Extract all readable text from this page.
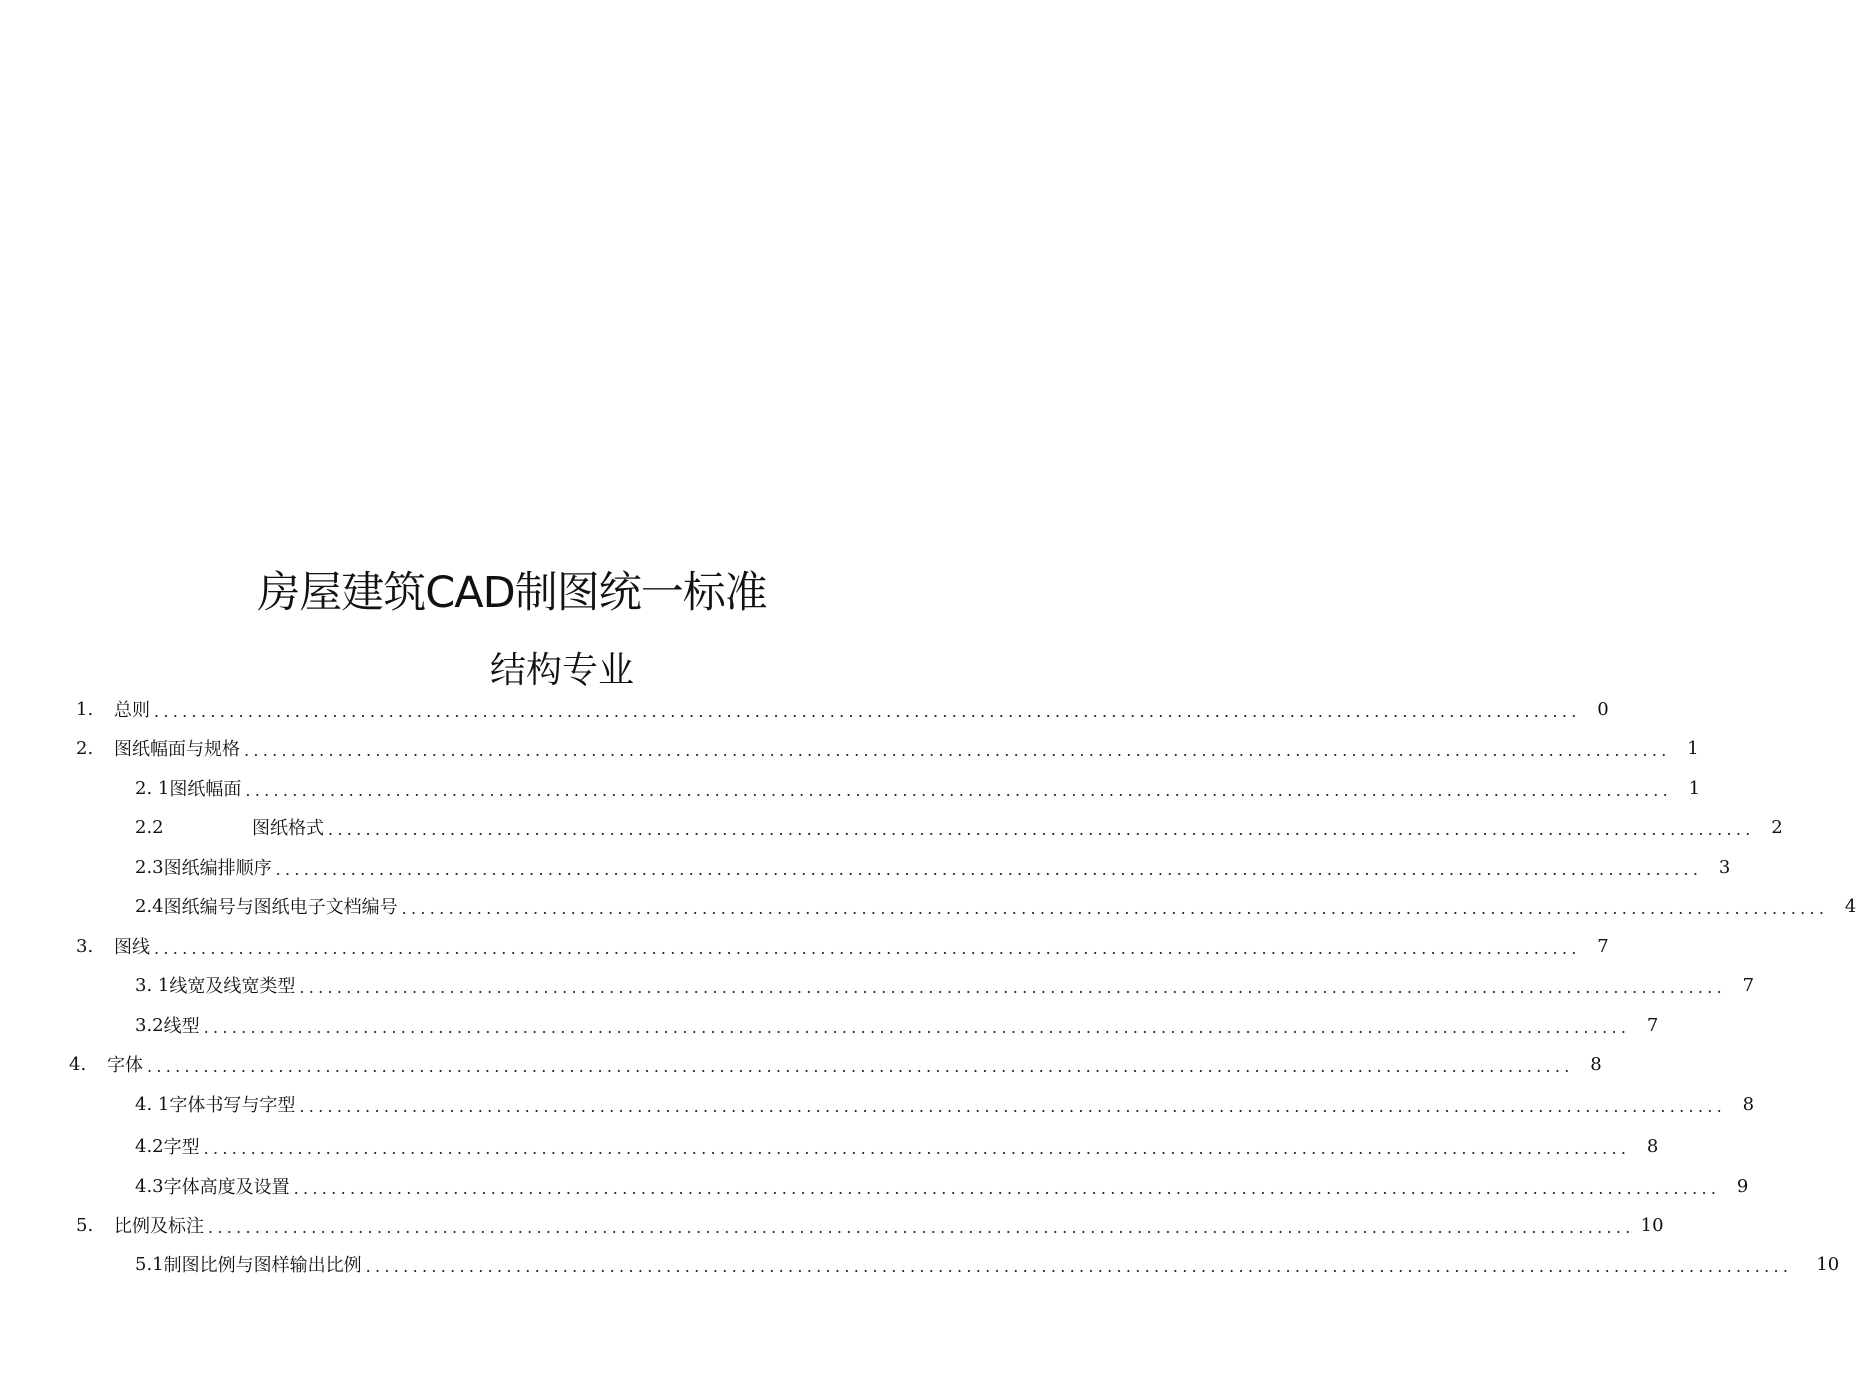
房屋建筑CAD制图统一标准
结构专业
1.	总则 ........................................................................................................................................................ 0
2.	图纸幅面与规格 ........................................................................................................................................................ 1
2. 1 图纸幅面 ........................................................................................................................................................ 1
2.2	图纸格式 ........................................................................................................................................................ 2
2.3 图纸编排顺序 ........................................................................................................................................................ 3
2.4 图纸编号与图纸电子文档编号 ........................................................................................................................................................ 4
3.	图线 ........................................................................................................................................................ 7
3. 1 线宽及线宽类型 ........................................................................................................................................................ 7
3.2 线型 ........................................................................................................................................................ 7
4.	字体 ........................................................................................................................................................ 8
4. 1 字体书写与字型 ........................................................................................................................................................ 8
4.2 字型 ........................................................................................................................................................ 8
4.3 字体高度及设置 ........................................................................................................................................................ 9
5.	比例及标注 ........................................................................................................................................................ 10
5.1 制图比例与图样输出比例 ........................................................................................................................................................ 10
